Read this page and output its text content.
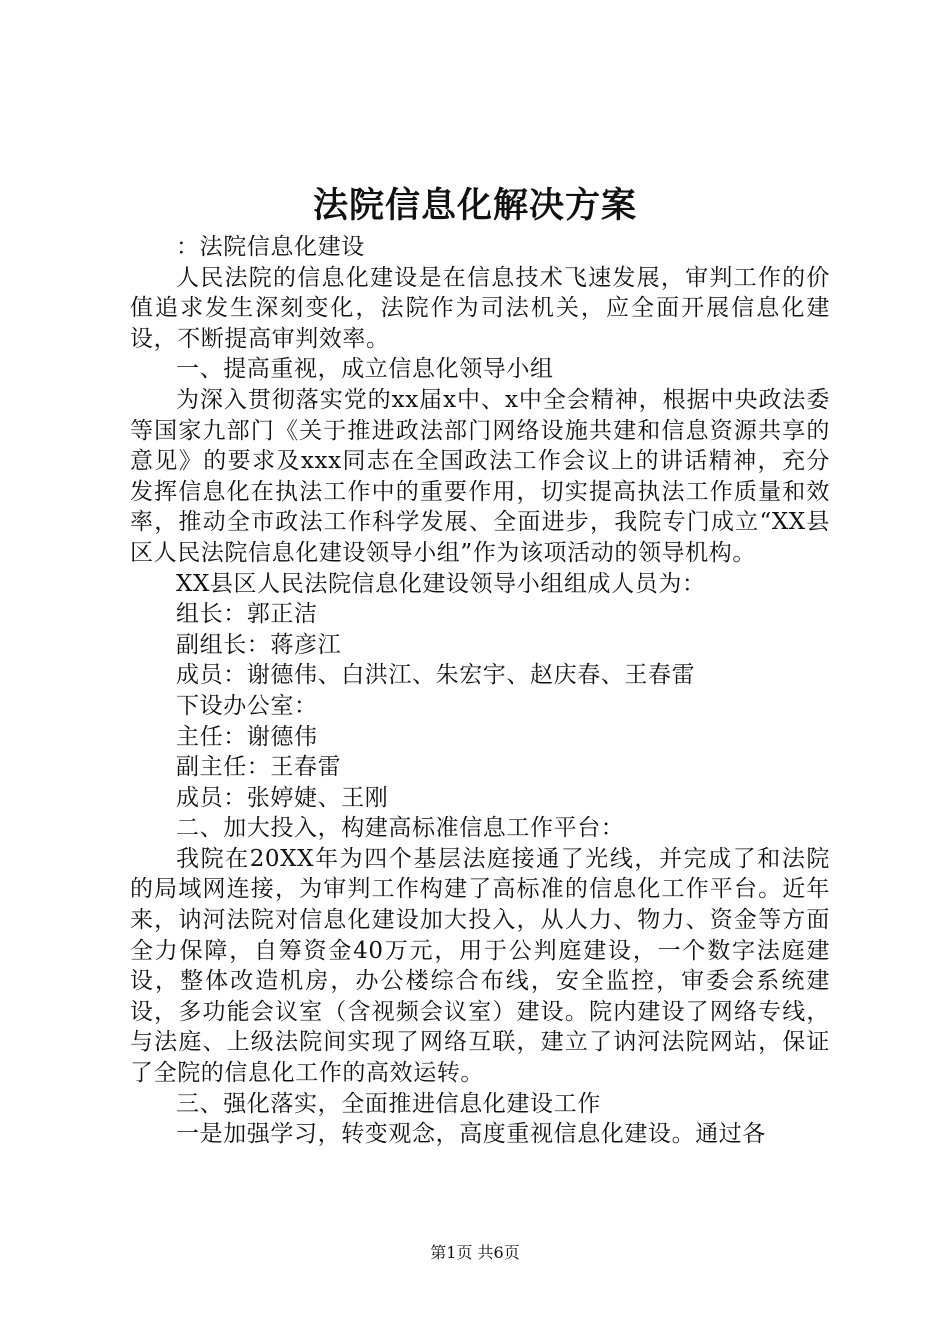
法院信息化解决方案

：法院信息化建设

人民法院的信息化建设是在信息技术飞速发展，审判工作的价值追求发生深刻变化，法院作为司法机关，应全面开展信息化建设，不断提高审判效率。

一、提高重视，成立信息化领导小组

为深入贯彻落实党的xx届x中、x中全会精神，根据中央政法委等国家九部门《关于推进政法部门网络设施共建和信息资源共享的意见》的要求及xxx同志在全国政法工作会议上的讲话精神，充分发挥信息化在执法工作中的重要作用，切实提高执法工作质量和效率，推动全市政法工作科学发展、全面进步，我院专门成立“XX县区人民法院信息化建设领导小组”作为该项活动的领导机构。

XX县区人民法院信息化建设领导小组组成人员为：

组长：郭正洁

副组长：蒋彦江

成员：谢德伟、白洪江、朱宏宇、赵庆春、王春雷

下设办公室：

主任：谢德伟

副主任：王春雷

成员：张婷婕、王刚

二、加大投入，构建高标准信息工作平台：

我院在20XX年为四个基层法庭接通了光线，并完成了和法院的局域网连接，为审判工作构建了高标准的信息化工作平台。近年来，讷河法院对信息化建设加大投入，从人力、物力、资金等方面全力保障，自筹资金40万元，用于公判庭建设，一个数字法庭建设，整体改造机房，办公楼综合布线，安全监控，审委会系统建设，多功能会议室（含视频会议室）建设。院内建设了网络专线，与法庭、上级法院间实现了网络互联，建立了讷河法院网站，保证了全院的信息化工作的高效运转。

三、强化落实，全面推进信息化建设工作

一是加强学习，转变观念，高度重视信息化建设。通过各

第1页 共6页
